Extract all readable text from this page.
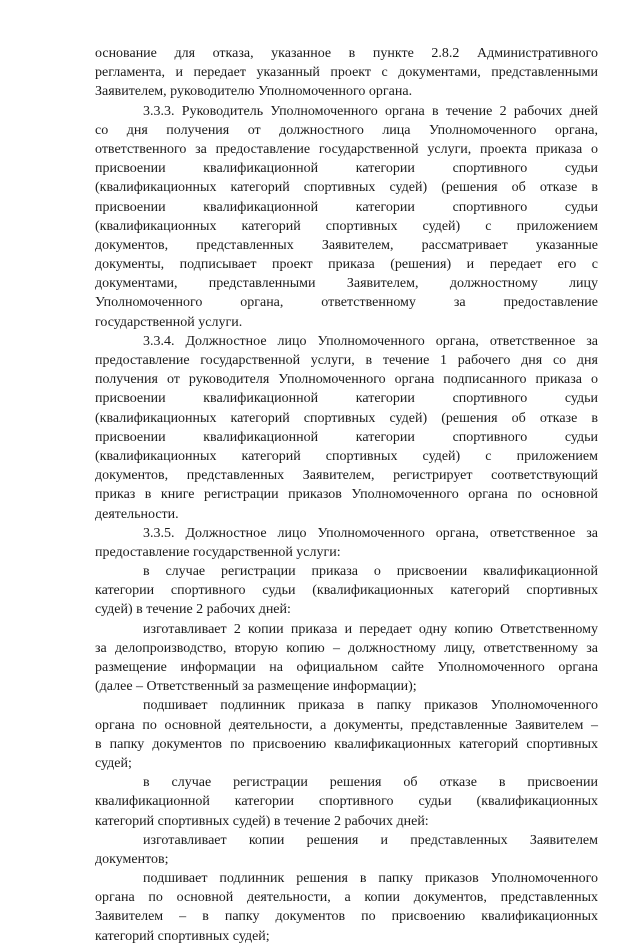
основание для отказа, указанное в пункте 2.8.2 Административного
регламента, и передает указанный проект с документами, представленными
Заявителем, руководителю Уполномоченного органа.
3.3.3. Руководитель Уполномоченного органа в течение 2 рабочих дней
со дня получения от должностного лица Уполномоченного органа,
ответственного за предоставление государственной услуги, проекта приказа о
присвоении квалификационной категории спортивного судьи
(квалификационных категорий спортивных судей) (решения об отказе в
присвоении квалификационной категории спортивного судьи
(квалификационных категорий спортивных судей) с приложением
документов, представленных Заявителем, рассматривает указанные
документы, подписывает проект приказа (решения) и передает его с
документами, представленными Заявителем, должностному лицу
Уполномоченного органа, ответственному за предоставление
государственной услуги.
3.3.4. Должностное лицо Уполномоченного органа, ответственное за
предоставление государственной услуги, в течение 1 рабочего дня со дня
получения от руководителя Уполномоченного органа подписанного приказа о
присвоении квалификационной категории спортивного судьи
(квалификационных категорий спортивных судей) (решения об отказе в
присвоении квалификационной категории спортивного судьи
(квалификационных категорий спортивных судей) с приложением
документов, представленных Заявителем, регистрирует соответствующий
приказ в книге регистрации приказов Уполномоченного органа по основной
деятельности.
3.3.5. Должностное лицо Уполномоченного органа, ответственное за
предоставление государственной услуги:
в случае регистрации приказа о присвоении квалификационной
категории спортивного судьи (квалификационных категорий спортивных
судей) в течение 2 рабочих дней:
изготавливает 2 копии приказа и передает одну копию Ответственному
за делопроизводство, вторую копию – должностному лицу, ответственному за
размещение информации на официальном сайте Уполномоченного органа
(далее – Ответственный за размещение информации);
подшивает подлинник приказа в папку приказов Уполномоченного
органа по основной деятельности, а документы, представленные Заявителем –
в папку документов по присвоению квалификационных категорий спортивных
судей;
в случае регистрации решения об отказе в присвоении
квалификационной категории спортивного судьи (квалификационных
категорий спортивных судей) в течение 2 рабочих дней:
изготавливает копии решения и представленных Заявителем
документов;
подшивает подлинник решения в папку приказов Уполномоченного
органа по основной деятельности, а копии документов, представленных
Заявителем – в папку документов по присвоению квалификационных
категорий спортивных судей;
